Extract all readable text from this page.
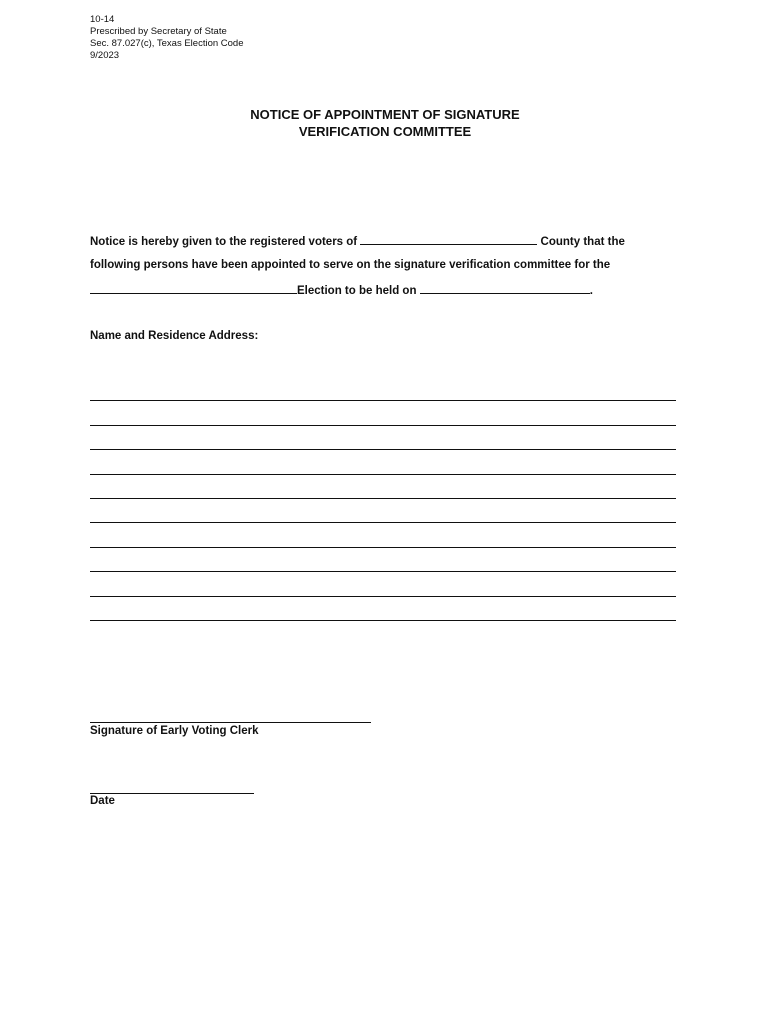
10-14
Prescribed by Secretary of State
Sec. 87.027(c), Texas Election Code
9/2023
NOTICE OF APPOINTMENT OF SIGNATURE
VERIFICATION COMMITTEE
Notice is hereby given to the registered voters of	County that the
following persons have been appointed to serve on the signature verification committee for the
Election to be held on	.
Name and Residence Address:
Signature of Early Voting Clerk
Date
